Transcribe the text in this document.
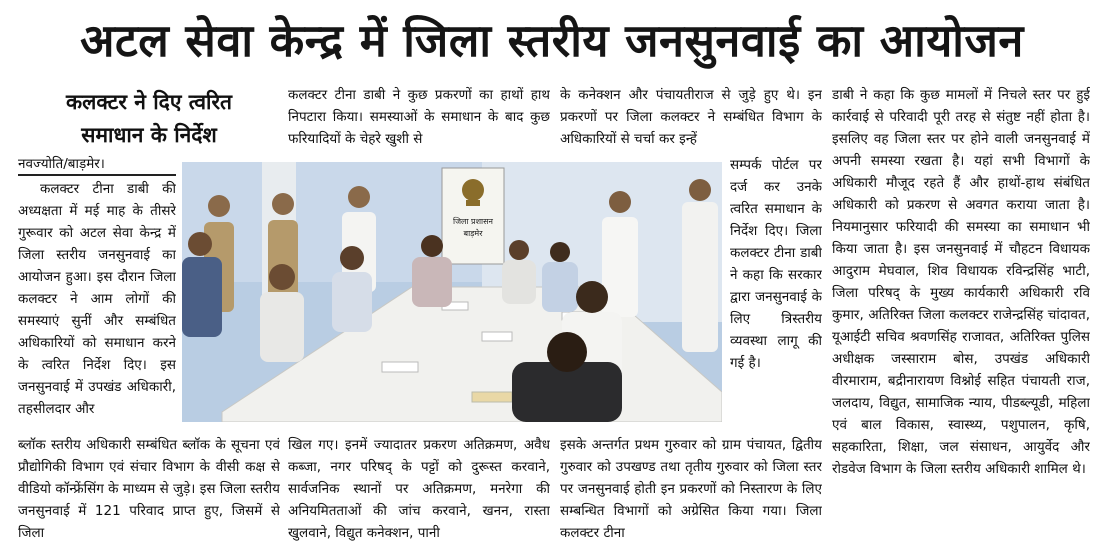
अटल सेवा केन्द्र में जिला स्तरीय जनसुनवाई का आयोजन
कलक्टर ने दिए त्वरित
समाधान के निर्देश
नवज्योति/बाड़मेर।
कलक्टर टीना डाबी की अध्यक्षता में मई माह के तीसरे गुरूवार को अटल सेवा केन्द्र में जिला स्तरीय जनसुनवाई का आयोजन हुआ। इस दौरान जिला कलक्टर ने आम लोगों की समस्याएं सुनीं और सम्बंधित अधिकारियों को समाधान करने के त्वरित निर्देश दिए। इस जनसुनवाई में उपखंड अधिकारी, तहसीलदार और
ब्लॉक स्तरीय अधिकारी सम्बंधित ब्लॉक के सूचना एवं प्रौद्योगिकी विभाग एवं संचार विभाग के वीसी कक्ष से वीडियो कॉन्फ्रेंसिंग के माध्यम से जुड़े। इस जिला स्तरीय जनसुनवाई में 121 परिवाद प्राप्त हुए, जिसमें से जिला
कलक्टर टीना डाबी ने कुछ प्रकरणों का हाथों हाथ निपटारा किया। समस्याओं के समाधान के बाद कुछ फरियादियों के चेहरे खुशी से
खिल गए। इनमें ज्यादातर प्रकरण अतिक्रमण, अवैध कब्जा, नगर परिषद् के पट्टों को दुरूस्त करवाने, सार्वजनिक स्थानों पर अतिक्रमण, मनरेगा की अनियमितताओं की जांच करवाने, खनन, रास्ता खुलवाने, विद्युत कनेक्शन, पानी
के कनेक्शन और पंचायतीराज से जुड़े हुए थे। इन प्रकरणों पर जिला कलक्टर ने सम्बंधित विभाग के अधिकारियों से चर्चा कर इन्हें
सम्पर्क पोर्टल पर दर्ज कर उनके त्वरित समाधान के निर्देश दिए। जिला कलक्टर टीना डाबी ने कहा कि सरकार द्वारा जनसुनवाई के लिए त्रिस्तरीय व्यवस्था लागू की गई है।
इसके अन्तर्गत प्रथम गुरुवार को ग्राम पंचायत, द्वितीय गुरुवार को उपखण्ड तथा तृतीय गुरुवार को जिला स्तर पर जनसुनवाई होती इन प्रकरणों को निस्तारण के लिए सम्बन्धित विभागों को अग्रेसित किया गया। जिला कलक्टर टीना
डाबी ने कहा कि कुछ मामलों में निचले स्तर पर हुई कार्रवाई से परिवादी पूरी तरह से संतुष्ट नहीं होता है। इसलिए वह जिला स्तर पर होने वाली जनसुनवाई में अपनी समस्या रखता है। यहां सभी विभागों के अधिकारी मौजूद रहते हैं और हाथों-हाथ संबंधित अधिकारी को प्रकरण से अवगत कराया जाता है। नियमानुसार फरियादी की समस्या का समाधान भी किया जाता है। इस जनसुनवाई में चौहटन विधायक आदुराम मेघवाल, शिव विधायक रविन्द्रसिंह भाटी, जिला परिषद् के मुख्य कार्यकारी अधिकारी रवि कुमार, अतिरिक्त जिला कलक्टर राजेन्द्रसिंह चांदावत, यूआईटी सचिव श्रवणसिंह राजावत, अतिरिक्त पुलिस अधीक्षक जस्साराम बोस, उपखंड अधिकारी वीरमाराम, बद्रीनारायण विश्नोई सहित पंचायती राज, जलदाय, विद्युत, सामाजिक न्याय, पीडब्ल्यूडी, महिला एवं बाल विकास, स्वास्थ्य, पशुपालन, कृषि, सहकारिता, शिक्षा, जल संसाधन, आयुर्वेद और रोडवेज विभाग के जिला स्तरीय अधिकारी शामिल थे।
जिला प्रशासन
बाड़मेर
